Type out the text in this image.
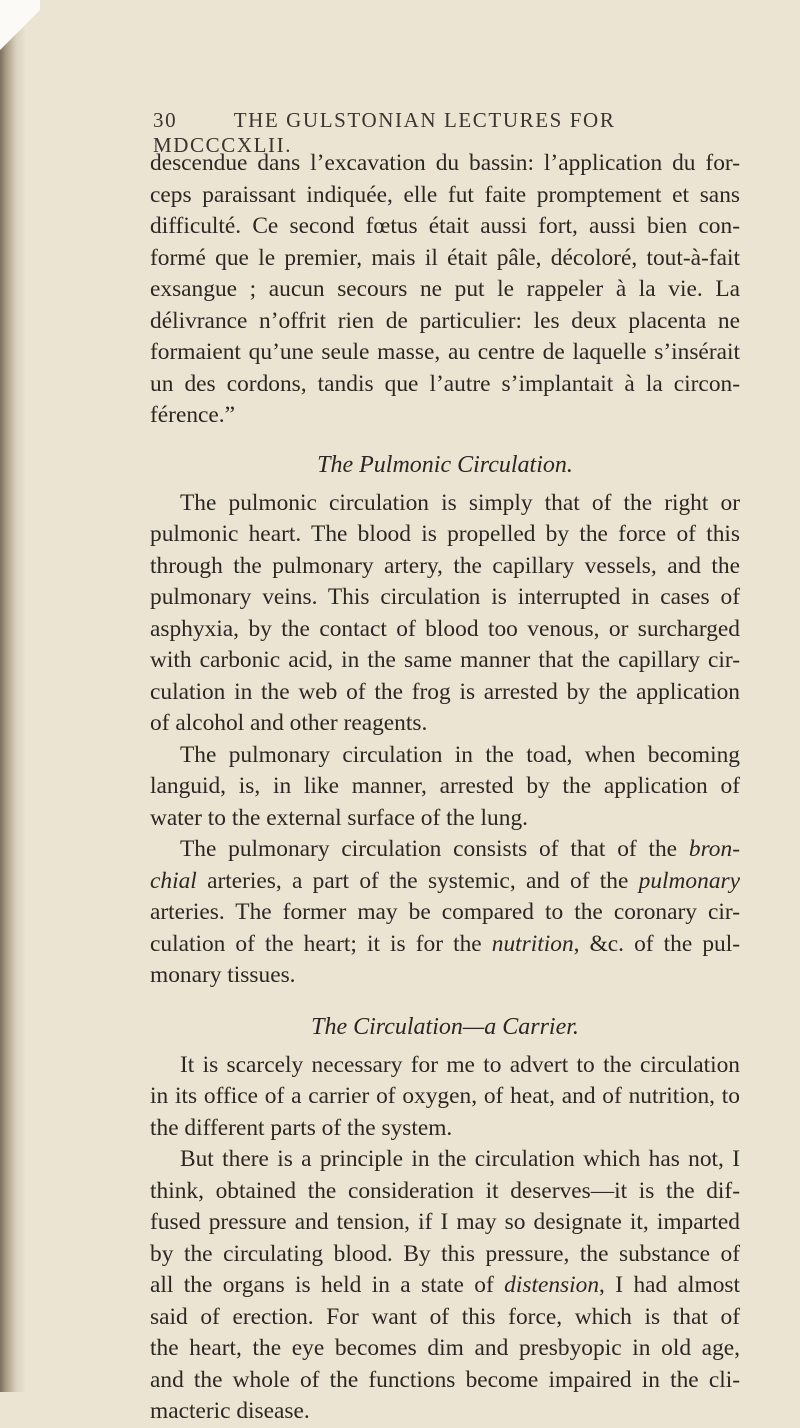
30	THE GULSTONIAN LECTURES FOR MDCCCXLII.

descendue dans l’excavation du bassin: l’application du for-

ceps paraissant indiquée, elle fut faite promptement et sans

difficulté. Ce second fœtus était aussi fort, aussi bien con-

formé que le premier, mais il était pâle, décoloré, tout-à-fait

exsangue ; aucun secours ne put le rappeler à la vie. La

délivrance n’offrit rien de particulier: les deux placenta ne

formaient qu’une seule masse, au centre de laquelle s’insérait

un des cordons, tandis que l’autre s’implantait à la circon-

férence.”

The Pulmonic Circulation.

The pulmonic circulation is simply that of the right or

pulmonic heart. The blood is propelled by the force of this

through the pulmonary artery, the capillary vessels, and the

pulmonary veins. This circulation is interrupted in cases of

asphyxia, by the contact of blood too venous, or surcharged

with carbonic acid, in the same manner that the capillary cir-

culation in the web of the frog is arrested by the application

of alcohol and other reagents.

The pulmonary circulation in the toad, when becoming

languid, is, in like manner, arrested by the application of

water to the external surface of the lung.

The pulmonary circulation consists of that of the bron-

chial arteries, a part of the systemic, and of the pulmonary

arteries. The former may be compared to the coronary cir-

culation of the heart; it is for the nutrition, &c. of the pul-

monary tissues.

The Circulation—a Carrier.

It is scarcely necessary for me to advert to the circulation

in its office of a carrier of oxygen, of heat, and of nutrition, to

the different parts of the system.

But there is a principle in the circulation which has not, I

think, obtained the consideration it deserves—it is the dif-

fused pressure and tension, if I may so designate it, imparted

by the circulating blood. By this pressure, the substance of

all the organs is held in a state of distension, I had almost

said of erection. For want of this force, which is that of

the heart, the eye becomes dim and presbyopic in old age,

and the whole of the functions become impaired in the cli-

macteric disease.
